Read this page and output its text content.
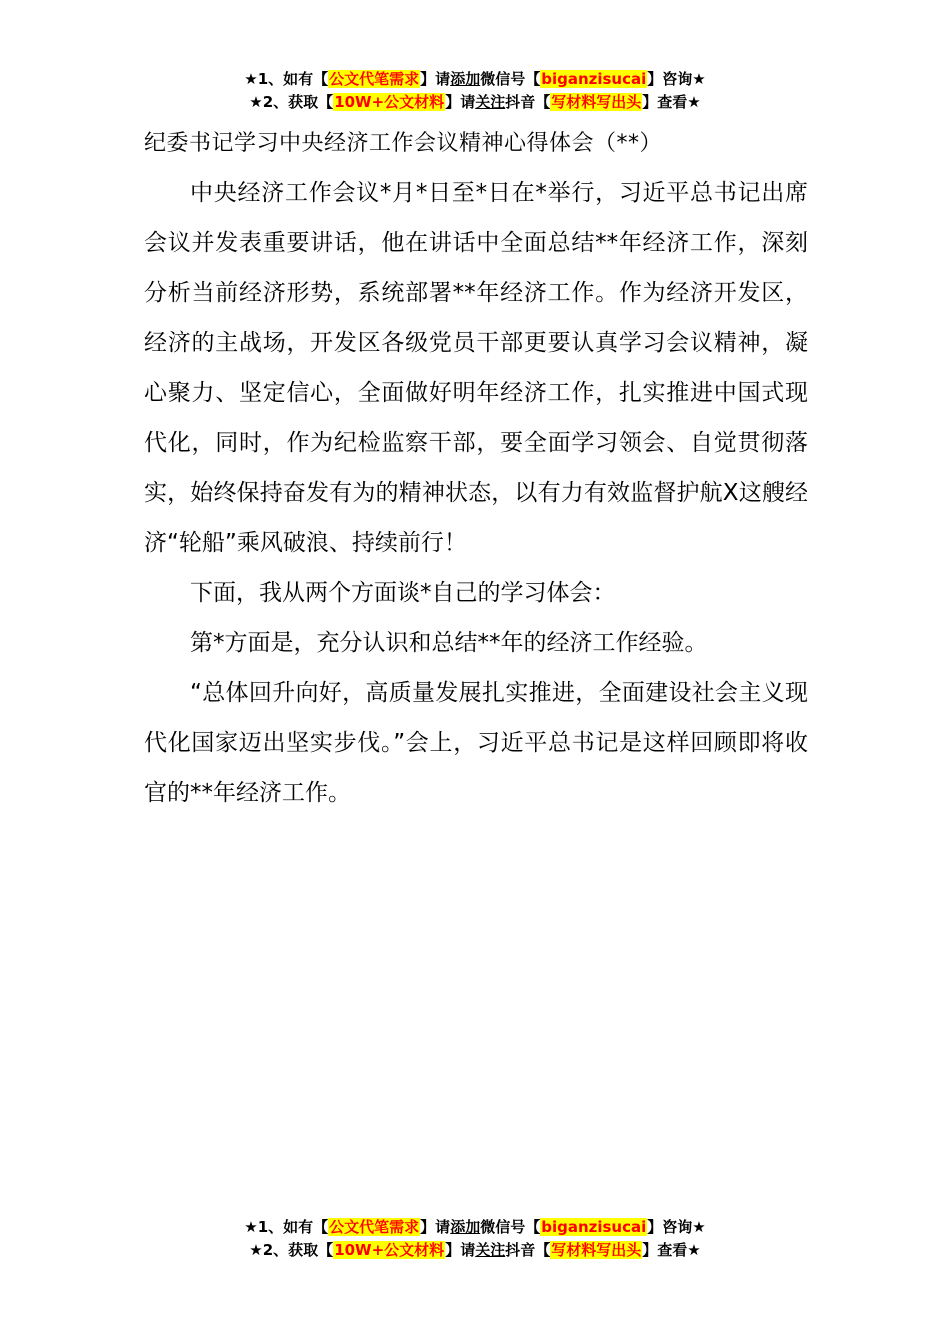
★1、如有【公文代笔需求】请添加微信号【biganzisucai】咨询★
★2、获取【10W+公文材料】请关注抖音【写材料写出头】查看★
纪委书记学习中央经济工作会议精神心得体会（**）

中央经济工作会议*月*日至*日在*举行，习近平总书记出席会议并发表重要讲话，他在讲话中全面总结**年经济工作，深刻分析当前经济形势，系统部署**年经济工作。作为经济开发区，经济的主战场，开发区各级党员干部更要认真学习会议精神，凝心聚力、坚定信心，全面做好明年经济工作，扎实推进中国式现代化，同时，作为纪检监察干部，要全面学习领会、自觉贯彻落实，始终保持奋发有为的精神状态，以有力有效监督护航X这艘经济“轮船”乘风破浪、持续前行！

下面，我从两个方面谈*自己的学习体会：

第*方面是，充分认识和总结**年的经济工作经验。

“总体回升向好，高质量发展扎实推进，全面建设社会主义现代化国家迈出坚实步伐。”会上，习近平总书记是这样回顾即将收官的**年经济工作。

★1、如有【公文代笔需求】请添加微信号【biganzisucai】咨询★
★2、获取【10W+公文材料】请关注抖音【写材料写出头】查看★
